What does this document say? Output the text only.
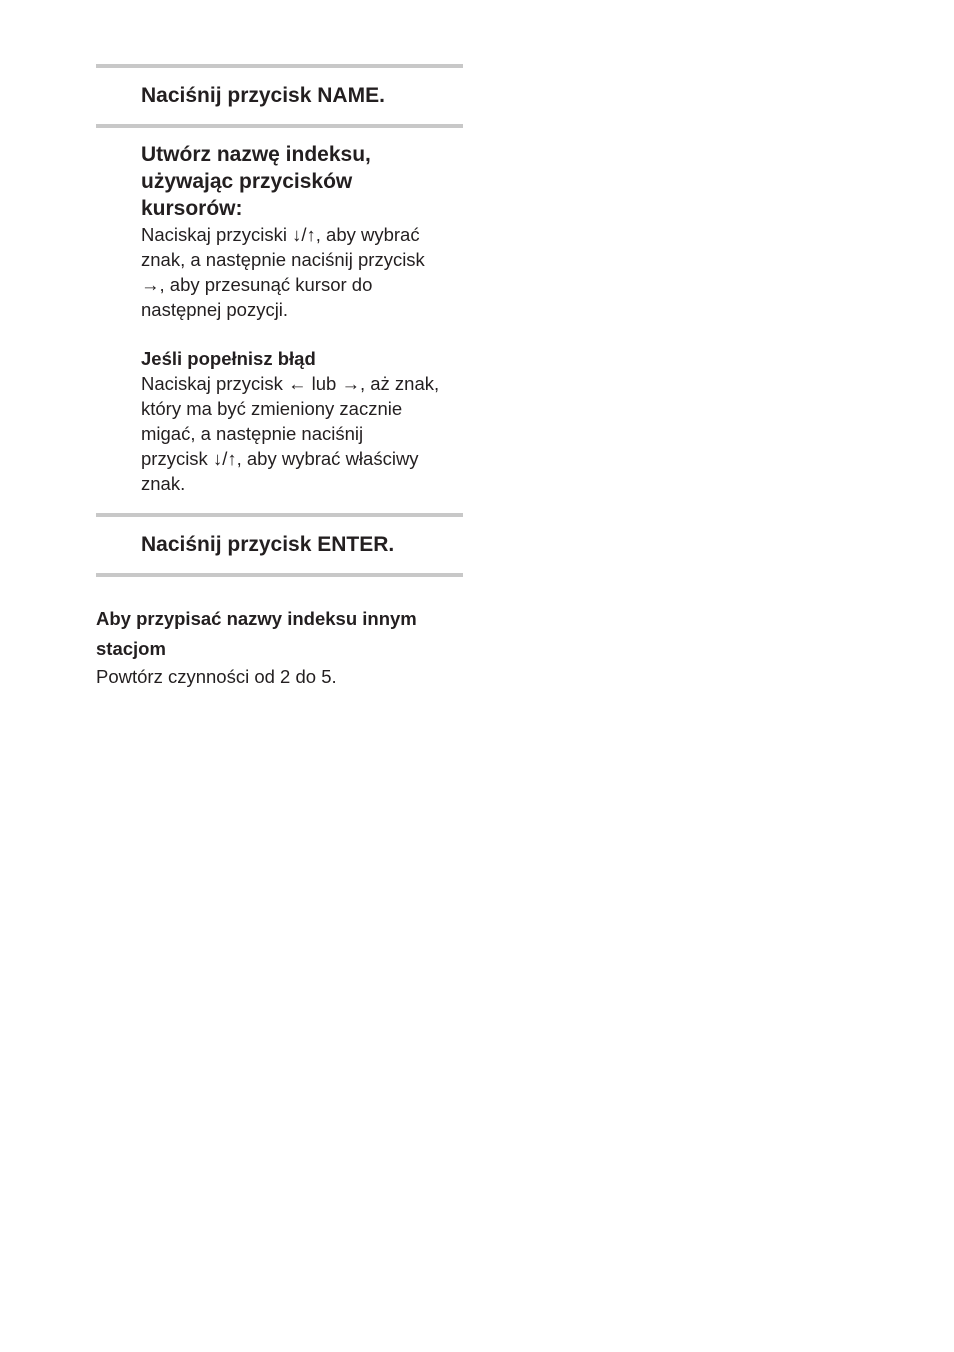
Naciśnij przycisk NAME.

Utwórz nazwę indeksu,
używając przycisków
kursorów:

Naciskaj przyciski ↓/↑, aby wybrać
znak, a następnie naciśnij przycisk
→, aby przesunąć kursor do
następnej pozycji.

Jeśli popełnisz błąd

Naciskaj przycisk ← lub →, aż znak,
który ma być zmieniony zacznie
migać, a następnie naciśnij
przycisk ↓/↑, aby wybrać właściwy
znak.

Naciśnij przycisk ENTER.

Aby przypisać nazwy indeksu innym
stacjom

Powtórz czynności od 2 do 5.
